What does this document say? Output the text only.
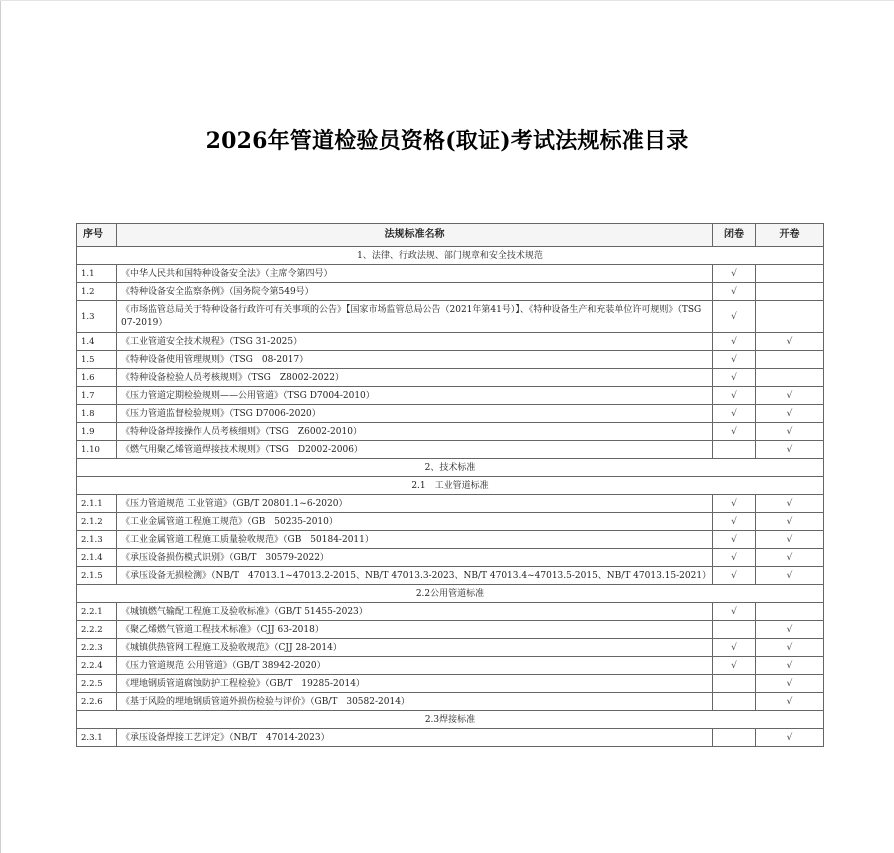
2026年管道检验员资格(取证)考试法规标准目录
序号	法规标准名称	闭卷	开卷
1、法律、行政法规、部门规章和安全技术规范			
1.1	《中华人民共和国特种设备安全法》（主席令第四号）	√	
1.2	《特种设备安全监察条例》（国务院令第549号）	√	
1.3	《市场监管总局关于特种设备行政许可有关事项的公告》【国家市场监管总局公告（2021年第41号）】、《特种设备生产和充装单位许可规则》（TSG 07-2019）	√	
1.4	《工业管道安全技术规程》（TSG 31-2025）	√	√
1.5	《特种设备使用管理规则》（TSG　08-2017）	√	
1.6	《特种设备检验人员考核规则》（TSG　Z8002-2022）	√	
1.7	《压力管道定期检验规则——公用管道》（TSG D7004-2010）	√	√
1.8	《压力管道监督检验规则》（TSG D7006-2020）	√	√
1.9	《特种设备焊接操作人员考核细则》（TSG　Z6002-2010）	√	√
1.10	《燃气用聚乙烯管道焊接技术规则》（TSG　D2002-2006）		√
2、技术标准			
2.1　工业管道标准			
2.1.1	《压力管道规范 工业管道》（GB/T 20801.1~6-2020）	√	√
2.1.2	《工业金属管道工程施工规范》（GB　50235-2010）	√	√
2.1.3	《工业金属管道工程施工质量验收规范》（GB　50184-2011）	√	√
2.1.4	《承压设备损伤模式识别》（GB/T　30579-2022）	√	√
2.1.5	《承压设备无损检测》（NB/T　47013.1~47013.2-2015、NB/T 47013.3-2023、NB/T 47013.4~47013.5-2015、NB/T 47013.15-2021）	√	√
2.2公用管道标准			
2.2.1	《城镇燃气输配工程施工及验收标准》（GB/T 51455-2023）	√	
2.2.2	《聚乙烯燃气管道工程技术标准》（CJJ 63-2018）		√
2.2.3	《城镇供热管网工程施工及验收规范》（CJJ 28-2014）	√	√
2.2.4	《压力管道规范 公用管道》（GB/T 38942-2020）	√	√
2.2.5	《埋地钢质管道腐蚀防护工程检验》（GB/T　19285-2014）		√
2.2.6	《基于风险的埋地钢质管道外损伤检验与评价》（GB/T　30582-2014）		√
2.3焊接标准			
2.3.1	《承压设备焊接工艺评定》（NB/T　47014-2023）		√
